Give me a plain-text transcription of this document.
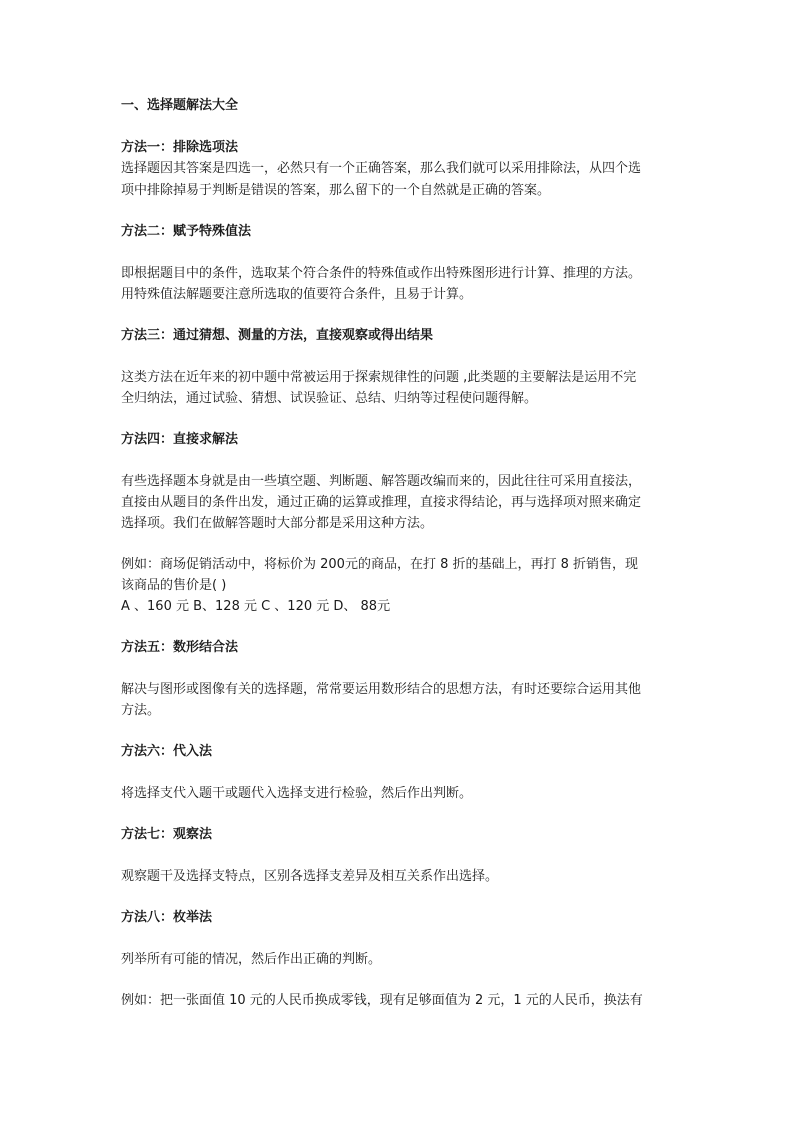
一、选择题解法大全
方法一：排除选项法
选择题因其答案是四选一，必然只有一个正确答案，那么我们就可以采用排除法，从四个选
项中排除掉易于判断是错误的答案，那么留下的一个自然就是正确的答案。
方法二：赋予特殊值法
即根据题目中的条件，选取某个符合条件的特殊值或作出特殊图形进行计算、推理的方法。
用特殊值法解题要注意所选取的值要符合条件，且易于计算。
方法三：通过猜想、测量的方法，直接观察或得出结果
这类方法在近年来的初中题中常被运用于探索规律性的问题 ,此类题的主要解法是运用不完
全归纳法，通过试验、猜想、试误验证、总结、归纳等过程使问题得解。
方法四：直接求解法
有些选择题本身就是由一些填空题、判断题、解答题改编而来的，因此往往可采用直接法，
直接由从题目的条件出发，通过正确的运算或推理，直接求得结论，再与选择项对照来确定
选择项。我们在做解答题时大部分都是采用这种方法。
例如：商场促销活动中，将标价为 200元的商品，在打 8 折的基础上，再打 8 折销售，现
该商品的售价是( )
A 、160 元 B、128 元 C 、120 元 D、 88元
方法五：数形结合法
解决与图形或图像有关的选择题，常常要运用数形结合的思想方法，有时还要综合运用其他
方法。
方法六：代入法
将选择支代入题干或题代入选择支进行检验，然后作出判断。
方法七：观察法
观察题干及选择支特点，区别各选择支差异及相互关系作出选择。
方法八：枚举法
列举所有可能的情况，然后作出正确的判断。
例如：把一张面值 10 元的人民币换成零钱，现有足够面值为 2 元，1 元的人民币，换法有
